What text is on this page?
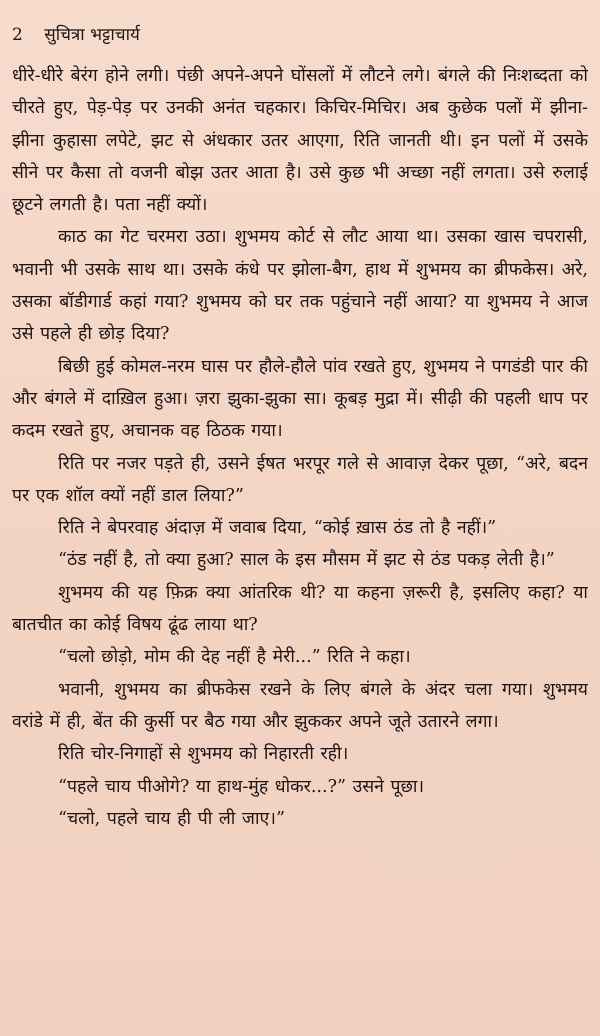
2 सुचित्रा भट्टाचार्य

धीरे-धीरे बेरंग होने लगी। पंछी अपने-अपने घोंसलों में लौटने लगे। बंगले की निःशब्दता को चीरते हुए, पेड़-पेड़ पर उनकी अनंत चहकार। किचिर-मिचिर। अब कुछेक पलों में झीना-झीना कुहासा लपेटे, झट से अंधकार उतर आएगा, रिति जानती थी। इन पलों में उसके सीने पर कैसा तो वजनी बोझ उतर आता है। उसे कुछ भी अच्छा नहीं लगता। उसे रुलाई छूटने लगती है। पता नहीं क्यों।

काठ का गेट चरमरा उठा। शुभमय कोर्ट से लौट आया था। उसका खास चपरासी, भवानी भी उसके साथ था। उसके कंधे पर झोला-बैग, हाथ में शुभमय का ब्रीफकेस। अरे, उसका बॉडीगार्ड कहां गया? शुभमय को घर तक पहुंचाने नहीं आया? या शुभमय ने आज उसे पहले ही छोड़ दिया?

बिछी हुई कोमल-नरम घास पर हौले-हौले पांव रखते हुए, शुभमय ने पगडंडी पार की और बंगले में दाख़िल हुआ। ज़रा झुका-झुका सा। कूबड़ मुद्रा में। सीढ़ी की पहली धाप पर कदम रखते हुए, अचानक वह ठिठक गया।

रिति पर नजर पड़ते ही, उसने ईषत भरपूर गले से आवाज़ देकर पूछा, “अरे, बदन पर एक शॉल क्यों नहीं डाल लिया?”

रिति ने बेपरवाह अंदाज़ में जवाब दिया, “कोई ख़ास ठंड तो है नहीं।”

“ठंड नहीं है, तो क्या हुआ? साल के इस मौसम में झट से ठंड पकड़ लेती है।”

शुभमय की यह फ़िक्र क्या आंतरिक थी? या कहना ज़रूरी है, इसलिए कहा? या बातचीत का कोई विषय ढूंढ लाया था?

“चलो छोड़ो, मोम की देह नहीं है मेरी...” रिति ने कहा।

भवानी, शुभमय का ब्रीफकेस रखने के लिए बंगले के अंदर चला गया। शुभमय वरांडे में ही, बेंत की कुर्सी पर बैठ गया और झुककर अपने जूते उतारने लगा।

रिति चोर-निगाहों से शुभमय को निहारती रही।

“पहले चाय पीओगे? या हाथ-मुंह धोकर...?” उसने पूछा।

“चलो, पहले चाय ही पी ली जाए।”
